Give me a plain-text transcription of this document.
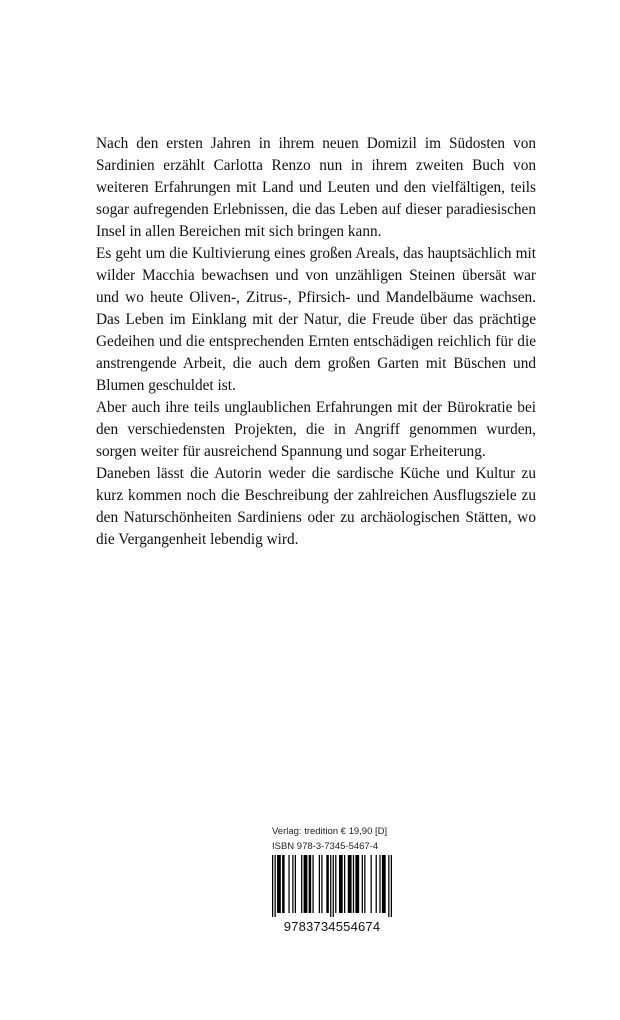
Nach den ersten Jahren in ihrem neuen Domizil im Südosten von Sardinien erzählt Carlotta Renzo nun in ihrem zweiten Buch von weiteren Erfahrungen mit Land und Leuten und den vielfältigen, teils sogar aufregenden Erlebnissen, die das Leben auf dieser paradiesischen Insel in allen Bereichen mit sich bringen kann.

Es geht um die Kultivierung eines großen Areals, das hauptsächlich mit wilder Macchia bewachsen und von unzähligen Steinen übersät war und wo heute Oliven-, Zitrus-, Pfirsich- und Mandelbäume wachsen. Das Leben im Einklang mit der Natur, die Freude über das prächtige Gedeihen und die entsprechenden Ernten entschädigen reichlich für die anstrengende Arbeit, die auch dem großen Garten mit Büschen und Blumen geschuldet ist.

Aber auch ihre teils unglaublichen Erfahrungen mit der Bürokratie bei den verschiedensten Projekten, die in Angriff genommen wurden, sorgen weiter für ausreichend Spannung und sogar Erheiterung.

Daneben lässt die Autorin weder die sardische Küche und Kultur zu kurz kommen noch die Beschreibung der zahlreichen Ausflugsziele zu den Naturschönheiten Sardiniens oder zu archäologischen Stätten, wo die Vergangenheit lebendig wird.

Verlag: tredition € 19,90 [D]
ISBN 978-3-7345-5467-4
9783734554674
